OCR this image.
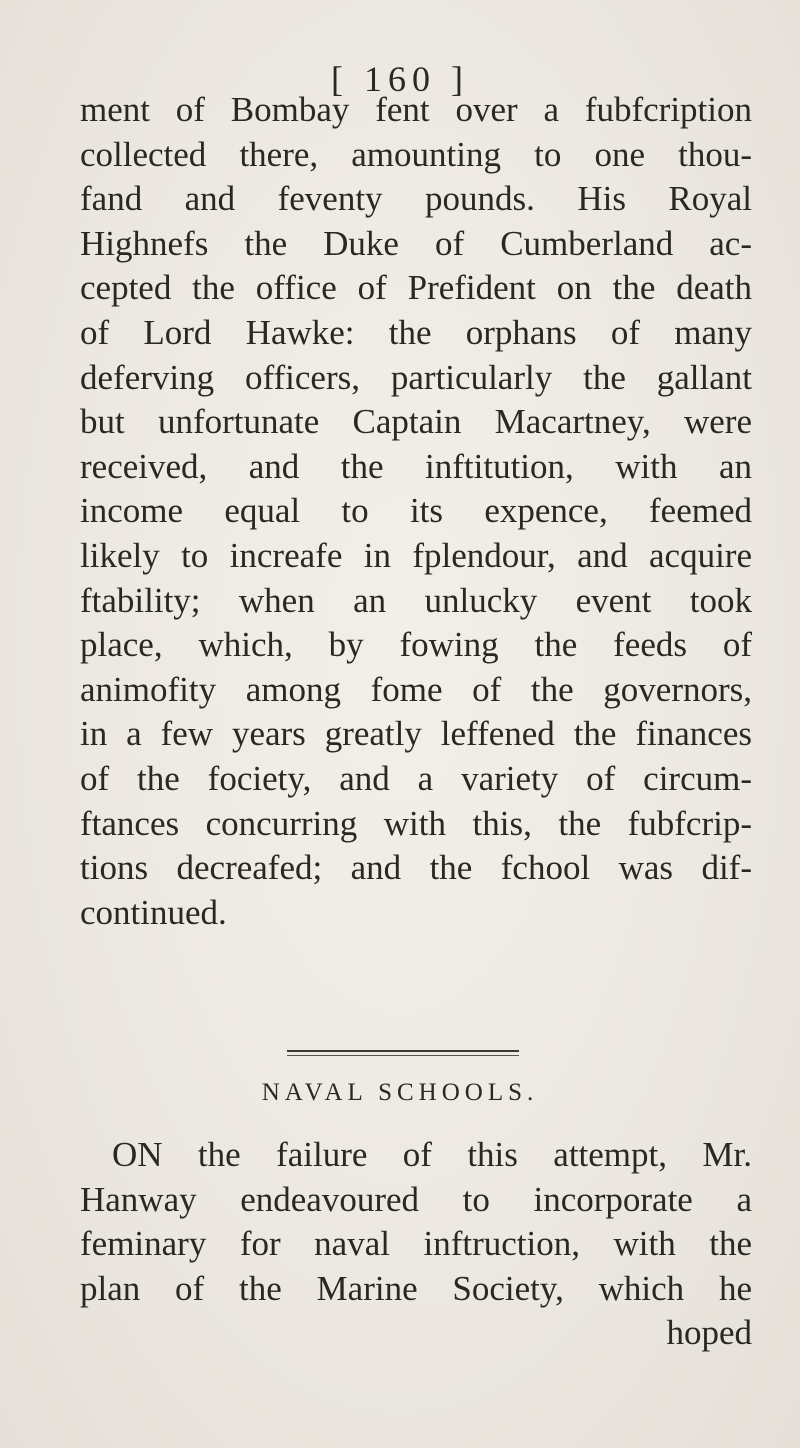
[ 160 ]
ment of Bombay fent over a fubfcription
collected there, amounting to one thou-
fand and feventy pounds. His Royal
Highnefs the Duke of Cumberland ac-
cepted the office of Prefident on the death
of Lord Hawke: the orphans of many
deferving officers, particularly the gallant
but unfortunate Captain Macartney, were
received, and the inftitution, with an
income equal to its expence, feemed
likely to increafe in fplendour, and acquire
ftability; when an unlucky event took
place, which, by fowing the feeds of
animofity among fome of the governors,
in a few years greatly leffened the finances
of the fociety, and a variety of circum-
ftances concurring with this, the fubfcrip-
tions decreafed; and the fchool was dif-
continued.
NAVAL SCHOOLS.
ON the failure of this attempt, Mr.
Hanway endeavoured to incorporate a
feminary for naval inftruction, with the
plan of the Marine Society, which he
hoped
